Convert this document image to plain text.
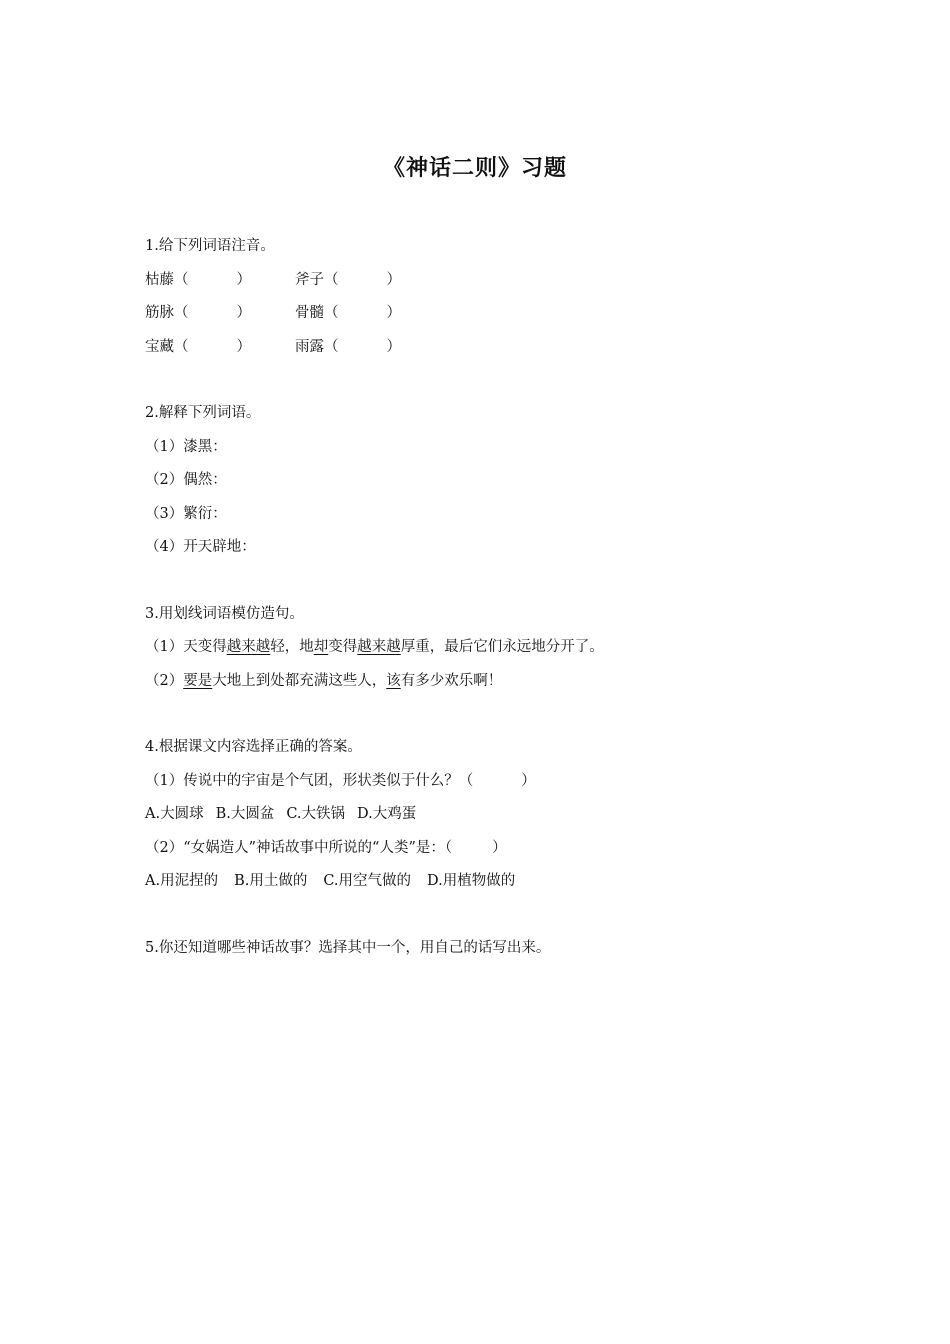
《神话二则》习题
1.给下列词语注音。
枯藤（	）	斧子（	）
筋脉（	）	骨髓（	）
宝藏（	）	雨露（	）
2.解释下列词语。
（1）漆黑：
（2）偶然：
（3）繁衍：
（4）开天辟地：
3.用划线词语模仿造句。
（1）天变得越来越轻，地却变得越来越厚重，最后它们永远地分开了。
（2）要是大地上到处都充满这些人，该有多少欢乐啊！
4.根据课文内容选择正确的答案。
（1）传说中的宇宙是个气团，形状类似于什么？（	）
A.大圆球 B.大圆盆 C.大铁锅 D.大鸡蛋
（2）“女娲造人”神话故事中所说的“人类”是：（	）
A.用泥捏的 B.用土做的 C.用空气做的 D.用植物做的
5.你还知道哪些神话故事？选择其中一个，用自己的话写出来。
